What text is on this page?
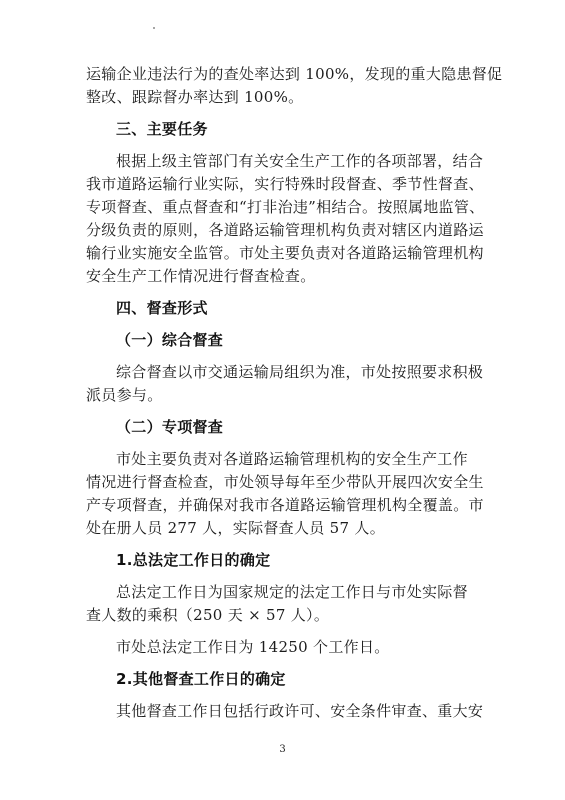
运输企业违法行为的查处率达到 100%，发现的重大隐患督促
整改、跟踪督办率达到 100%。
三、主要任务
根据上级主管部门有关安全生产工作的各项部署，结合
我市道路运输行业实际，实行特殊时段督查、季节性督查、
专项督查、重点督查和“打非治违”相结合。按照属地监管、
分级负责的原则，各道路运输管理机构负责对辖区内道路运
输行业实施安全监管。市处主要负责对各道路运输管理机构
安全生产工作情况进行督查检查。
四、督查形式
（一）综合督查
综合督查以市交通运输局组织为准，市处按照要求积极
派员参与。
（二）专项督查
市处主要负责对各道路运输管理机构的安全生产工作
情况进行督查检查，市处领导每年至少带队开展四次安全生
产专项督查，并确保对我市各道路运输管理机构全覆盖。市
处在册人员 277 人，实际督查人员 57 人。
1.总法定工作日的确定
总法定工作日为国家规定的法定工作日与市处实际督
查人数的乘积（250 天 × 57 人）。
市处总法定工作日为 14250 个工作日。
2.其他督查工作日的确定
其他督查工作日包括行政许可、安全条件审查、重大安
3
